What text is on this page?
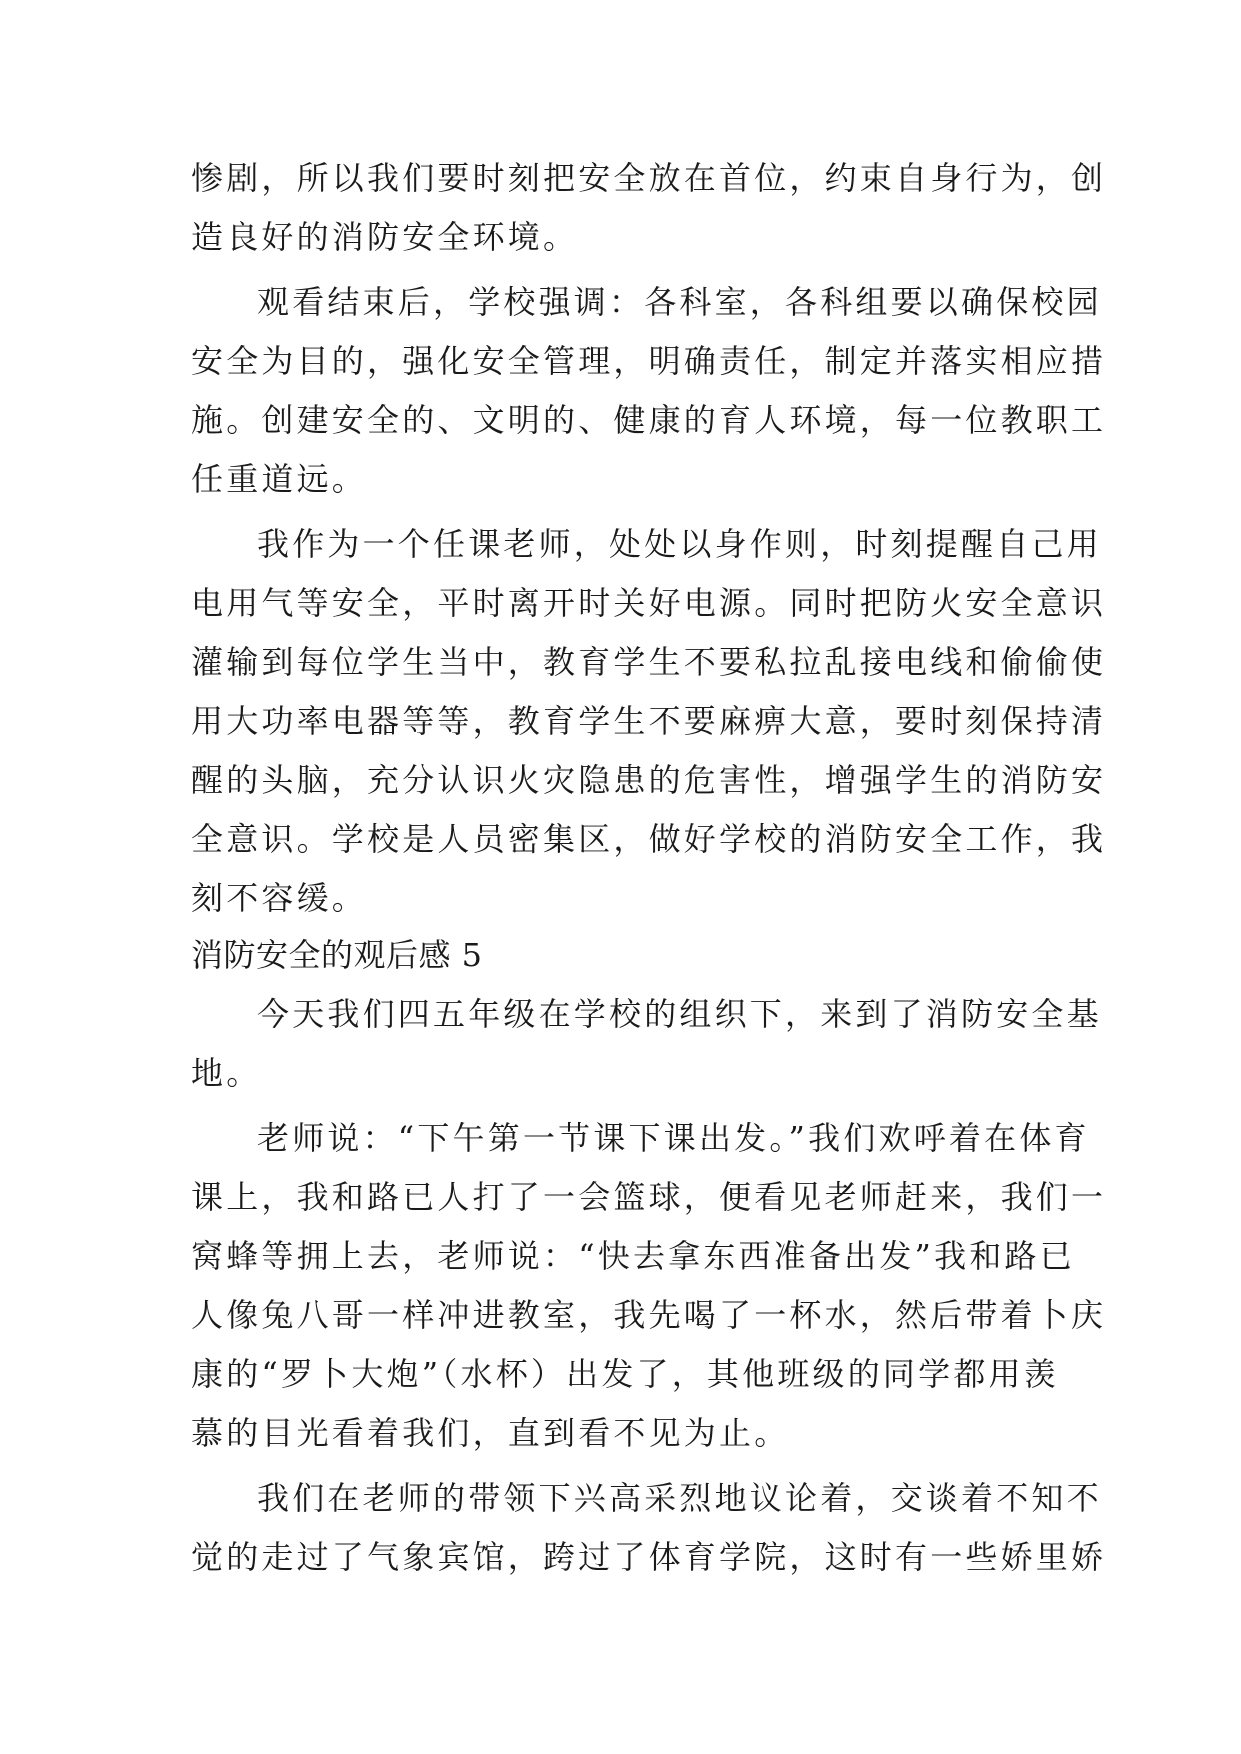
惨剧，所以我们要时刻把安全放在首位，约束自身行为，创
造良好的消防安全环境。
观看结束后，学校强调：各科室，各科组要以确保校园
安全为目的，强化安全管理，明确责任，制定并落实相应措
施。创建安全的、文明的、健康的育人环境，每一位教职工
任重道远。
我作为一个任课老师，处处以身作则，时刻提醒自己用
电用气等安全，平时离开时关好电源。同时把防火安全意识
灌输到每位学生当中，教育学生不要私拉乱接电线和偷偷使
用大功率电器等等，教育学生不要麻痹大意，要时刻保持清
醒的头脑，充分认识火灾隐患的危害性，增强学生的消防安
全意识。学校是人员密集区，做好学校的消防安全工作，我
刻不容缓。
消防安全的观后感 5
今天我们四五年级在学校的组织下，来到了消防安全基
地。
老师说：“下午第一节课下课出发。”我们欢呼着在体育
课上，我和路已人打了一会篮球，便看见老师赶来，我们一
窝蜂等拥上去，老师说：“快去拿东西准备出发”我和路已
人像兔八哥一样冲进教室，我先喝了一杯水，然后带着卜庆
康的“罗卜大炮”（水杯）出发了，其他班级的同学都用羡
慕的目光看着我们，直到看不见为止。
我们在老师的带领下兴高采烈地议论着，交谈着不知不
觉的走过了气象宾馆，跨过了体育学院，这时有一些娇里娇
